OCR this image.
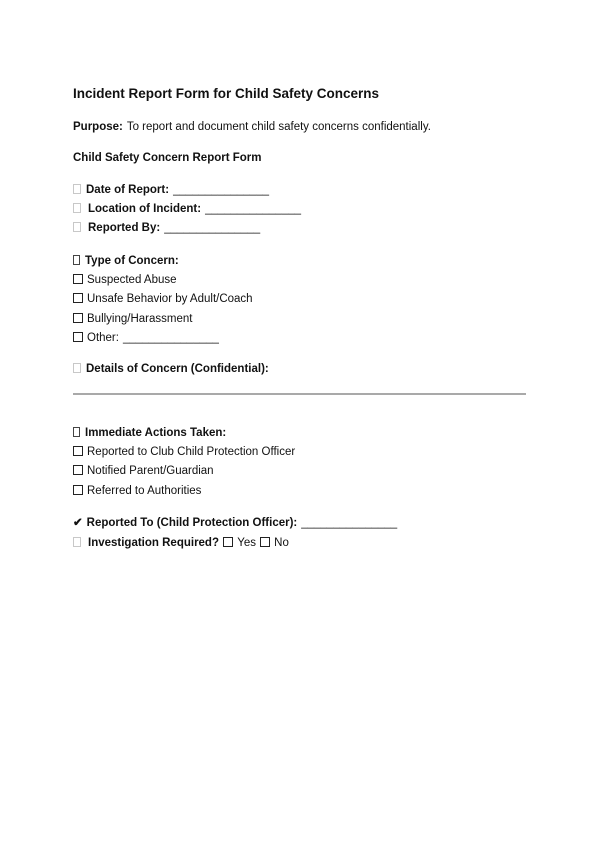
Incident Report Form for Child Safety Concerns
Purpose: To report and document child safety concerns confidentially.
Child Safety Concern Report Form
Date of Report: _______________
Location of Incident: _______________
Reported By: _______________
Type of Concern:
Suspected Abuse
Unsafe Behavior by Adult/Coach
Bullying/Harassment
Other: _______________
Details of Concern (Confidential):
Immediate Actions Taken:
Reported to Club Child Protection Officer
Notified Parent/Guardian
Referred to Authorities
✔ Reported To (Child Protection Officer): _______________
Investigation Required? Yes No
